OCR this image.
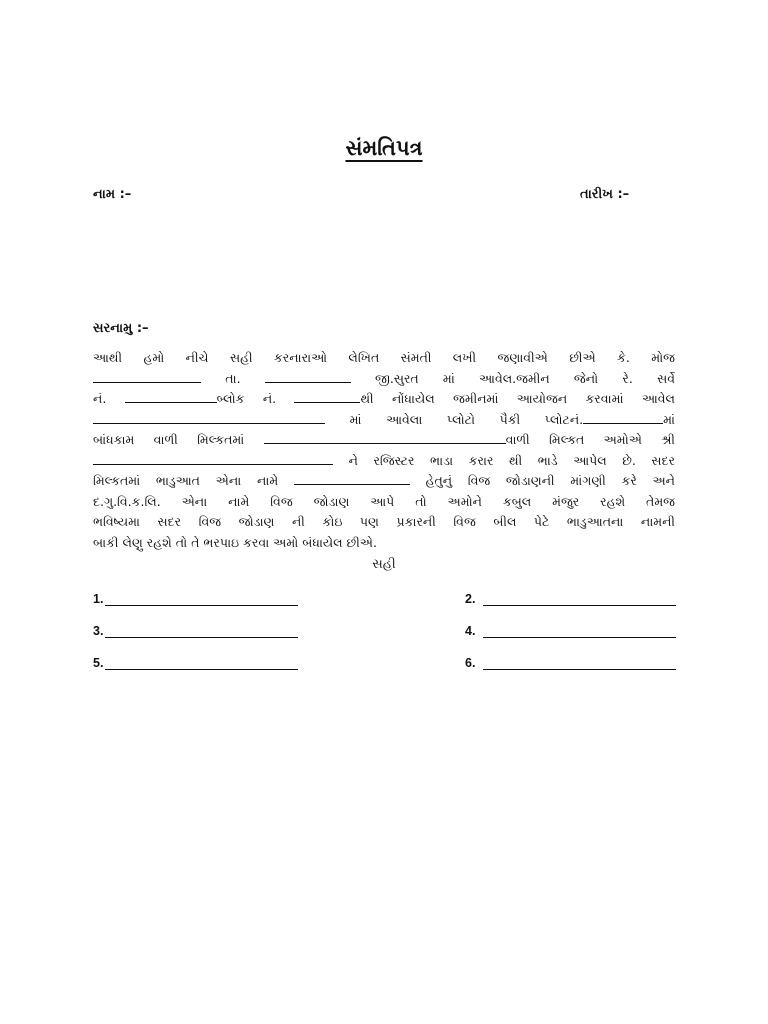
સંમતિપત્ર
નામ :–	તારીખ :–
સરનામુ :–
આથી હમો નીચે સહી કરનારાઓ લેખિત સંમતી લખી જણાવીએ છીએ કે. મોજ
તા.	જી.સુરત માં આવેલ.જમીન જેનો રે. સર્વે
નં.	બ્લોક નં.	થી નોંધાયેલ જમીનમાં આયોજન કરવામાં આવેલ
માં આવેલા પ્લોટો પૈકી પ્લોટનં.	માં
બાંધકામ વાળી મિલ્કતમાં	વાળી મિલ્કત અમોએ શ્રી
ને રજિસ્ટર ભાડા કરાર થી ભાડે આપેલ છે. સદર
મિલ્કતમાં ભાડુઆત એના નામે	હેતુનું વિજ જોડાણની માંગણી કરે અને
દ.ગુ.વિ.ક.લિ. એના નામે વિજ જોડાણ આપે તો અમોને કબુલ મંજુર રહશે તેમજ
ભવિષ્યમા સદર વિજ જોડાણ ની કોઇ પણ પ્રકારની વિજ બીલ પેટે ભાડુઆતના નામની
બાકી લેણુ રહશે તો તે ભરપાઇ કરવા અમો બંધાયેલ છીએ.
સહી
1.	2.
3.	4.
5.	6.
